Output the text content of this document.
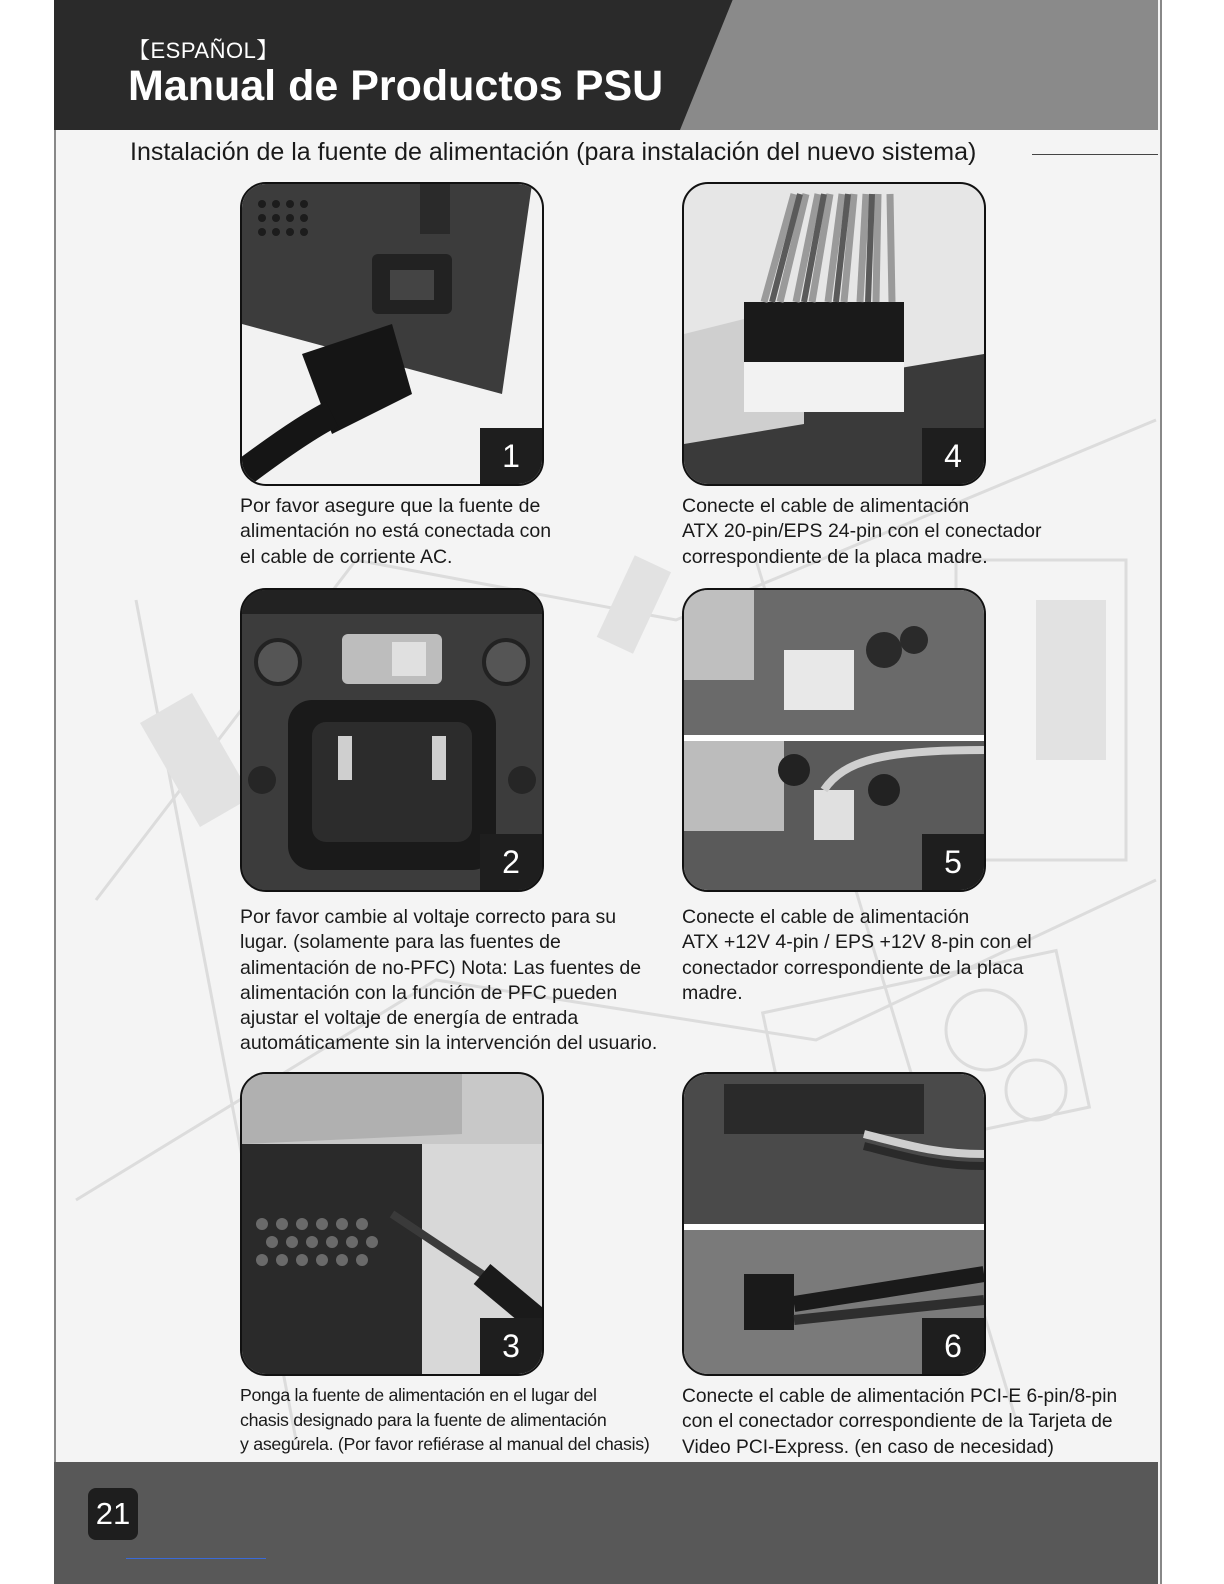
【ESPAÑOL】
Manual de Productos PSU
Instalación de la fuente de alimentación (para instalación del nuevo sistema)
1
Por favor asegure que la fuente de
alimentación no está conectada con
el cable de corriente AC.
4
Conecte el cable de alimentación
ATX 20-pin/EPS 24-pin con el conectador
correspondiente de la placa madre.
2
Por favor cambie al voltaje correcto para su
lugar. (solamente para las fuentes de
alimentación de no-PFC) Nota: Las fuentes de
alimentación con la función de PFC pueden
ajustar el voltaje de energía de entrada
automáticamente sin la intervención del usuario.
5
Conecte el cable de alimentación
ATX +12V 4-pin / EPS +12V 8-pin con el
conectador correspondiente de la placa
madre.
3
Ponga la fuente de alimentación en el lugar del
chasis designado para la fuente de alimentación
y asegúrela. (Por favor refiérase al manual del chasis)
6
Conecte el cable de alimentación PCI-E 6-pin/8-pin
con el conectador correspondiente de la Tarjeta de
Video PCI-Express. (en caso de necesidad)
21
